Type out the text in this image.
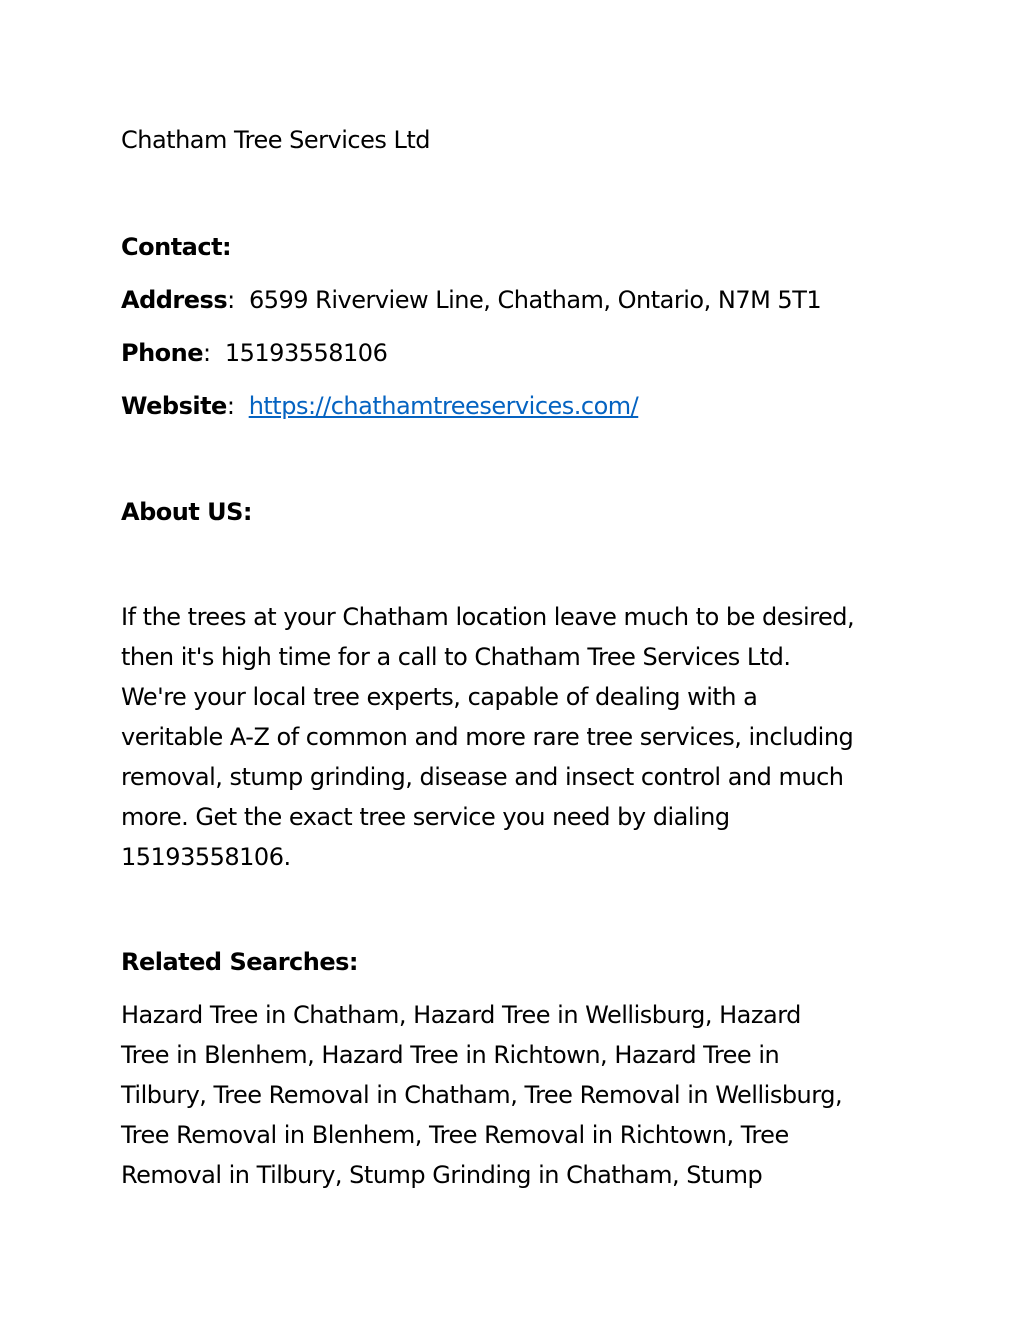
Chatham Tree Services Ltd
Contact:
Address:  6599 Riverview Line, Chatham, Ontario, N7M 5T1
Phone:  15193558106
Website:  https://chathamtreeservices.com/
About US:
If the trees at your Chatham location leave much to be desired,
then it's high time for a call to Chatham Tree Services Ltd.
We're your local tree experts, capable of dealing with a
veritable A-Z of common and more rare tree services, including
removal, stump grinding, disease and insect control and much
more. Get the exact tree service you need by dialing
15193558106.
Related Searches:
Hazard Tree in Chatham, Hazard Tree in Wellisburg, Hazard
Tree in Blenhem, Hazard Tree in Richtown, Hazard Tree in
Tilbury, Tree Removal in Chatham, Tree Removal in Wellisburg,
Tree Removal in Blenhem, Tree Removal in Richtown, Tree
Removal in Tilbury, Stump Grinding in Chatham, Stump
